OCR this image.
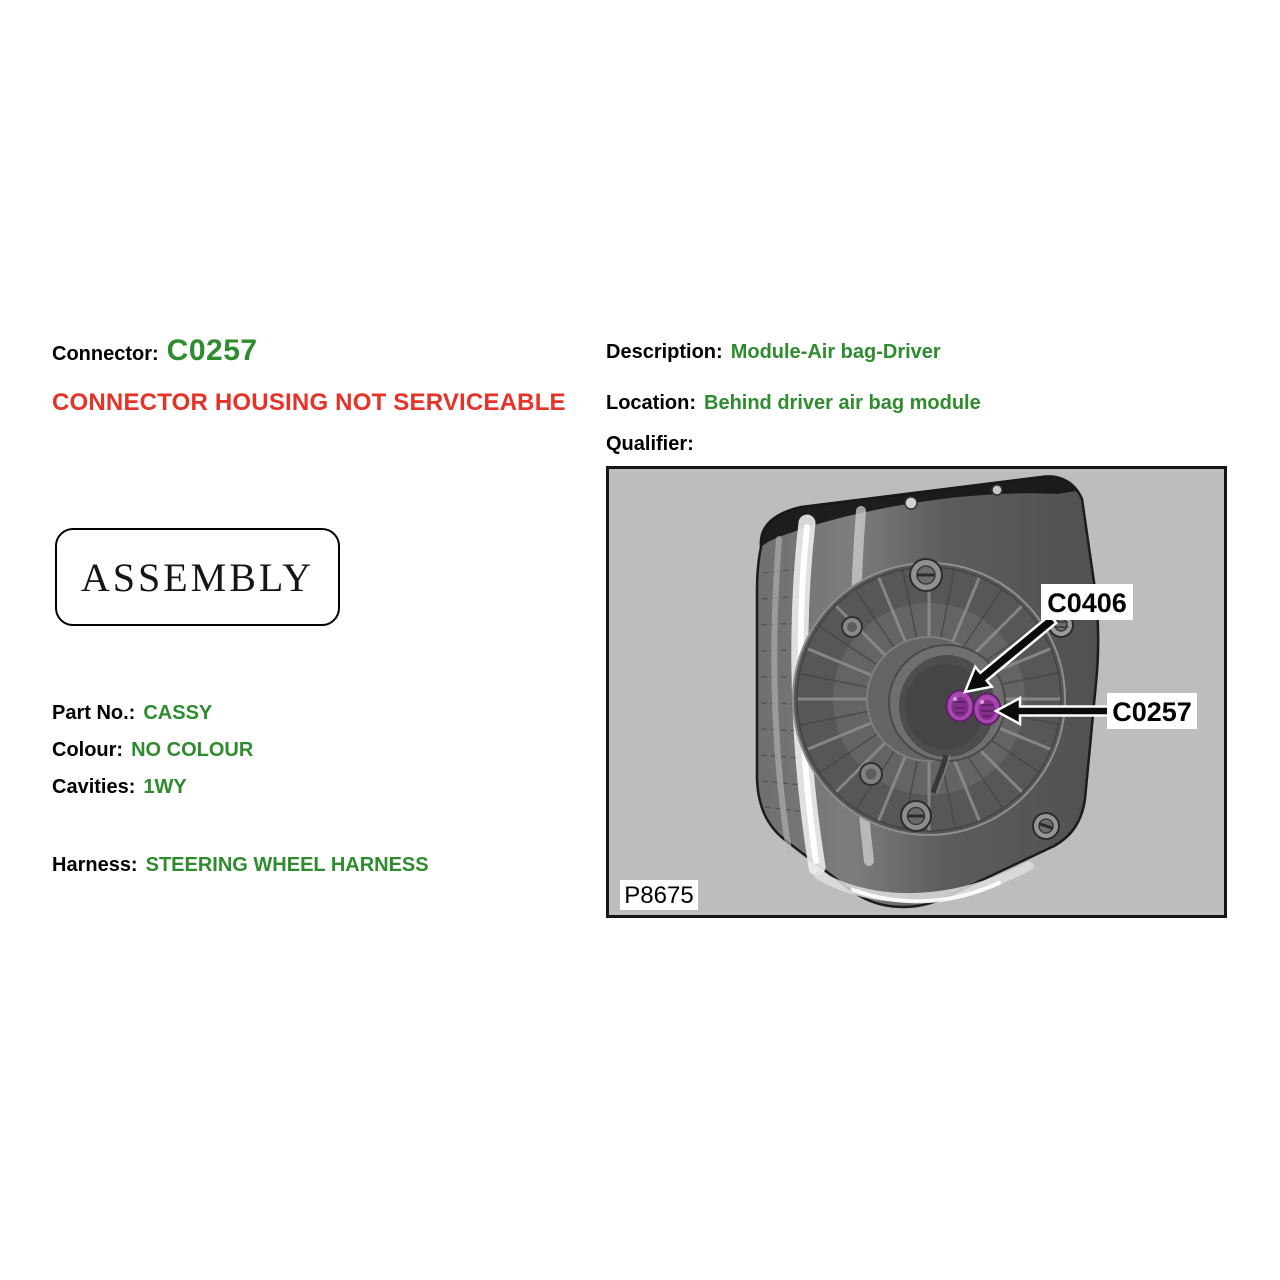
Connector: C0257
CONNECTOR HOUSING NOT SERVICEABLE
ASSEMBLY
Part No.: CASSY
Colour: NO COLOUR
Cavities: 1WY
Harness: STEERING WHEEL HARNESS
Description: Module-Air bag-Driver
Location: Behind driver air bag module
Qualifier:
C0406
C0257
P8675
